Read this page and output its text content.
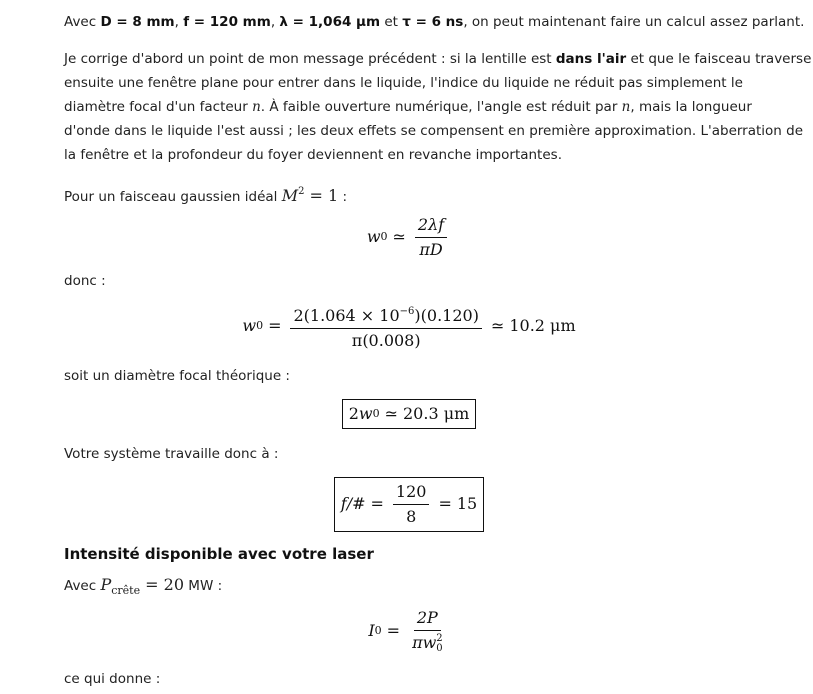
Avec D = 8 mm, f = 120 mm, λ = 1,064 µm et τ = 6 ns, on peut maintenant faire un calcul assez parlant.

Je corrige d'abord un point de mon message précédent : si la lentille est dans l'air et que le faisceau traverse

ensuite une fenêtre plane pour entrer dans le liquide, l'indice du liquide ne réduit pas simplement le

diamètre focal d'un facteur n. À faible ouverture numérique, l'angle est réduit par n, mais la longueur

d'onde dans le liquide l'est aussi ; les deux effets se compensent en première approximation. L'aberration de

la fenêtre et la profondeur du foyer deviennent en revanche importantes.

Pour un faisceau gaussien idéal $M^2 = 1$ :

w 0 ≃ $\frac{2\lambda f}{\pi D}$

donc :

w $0 = \frac{2(1.064 \times 10^{-6})(0.120)}{\pi(0.008)}$ ≃ 10.2 μm

soit un diamètre focal théorique :

2 w 0 ≃ 20.3 μm

Votre système travaille donc à :

f/# = $\frac{120}{8} = 15$
Intensité disponible avec votre laser

Avec $P_{crête} = 20$ MW :

I 0 = 2P
πw 2
0

ce qui donne :
